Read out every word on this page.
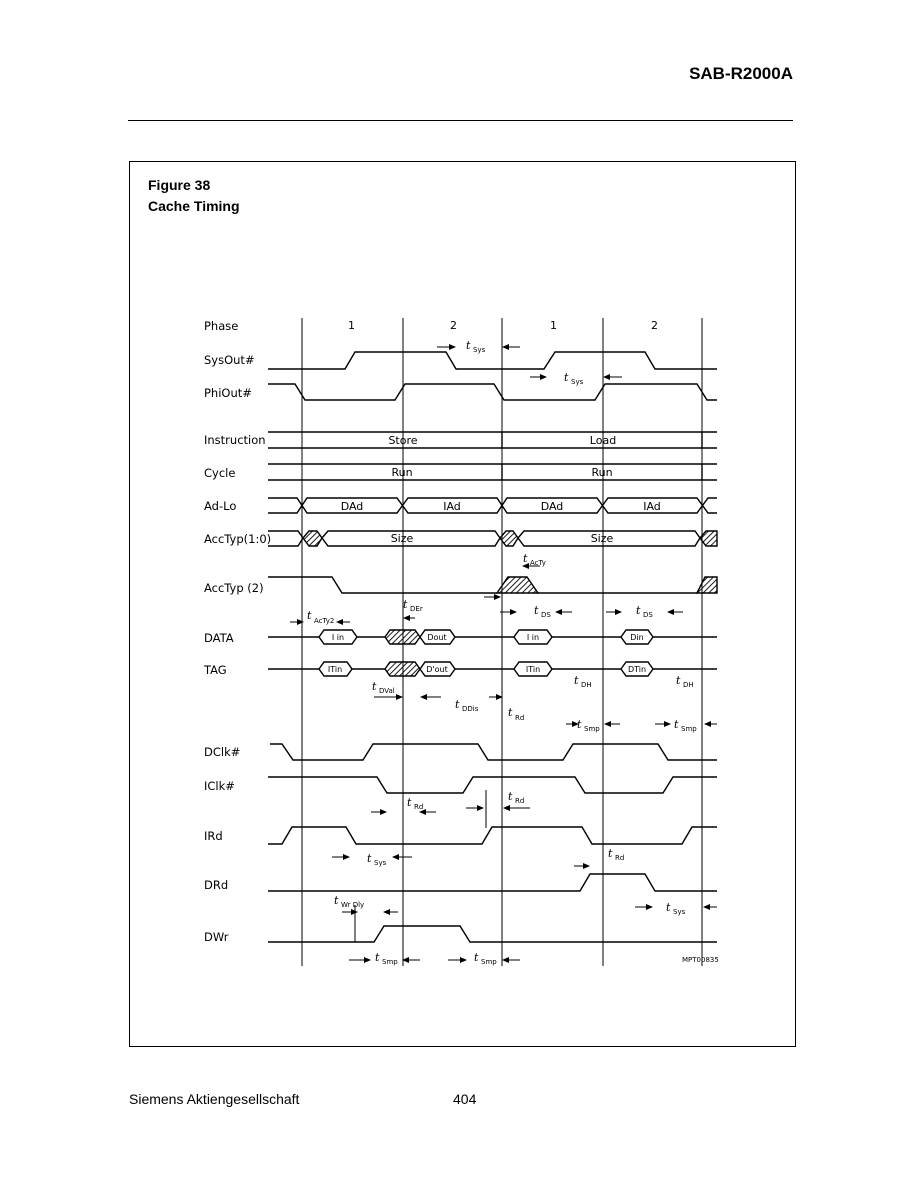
SAB-R2000A
Figure 38
Cache Timing
Phase
SysOut#
PhiOut#
Instruction
Cycle
Ad-Lo
AccTyp(1:0)
AccTyp (2)
DATA
TAG
DClk#
IClk#
IRd
DRd
DWr
1	2	1	2
Store	Load
Run	Run
DAd	IAd	DAd	IAd
Size	Size
I in	Dout	I in	Din
ITin	D'out	ITin	DTin
t Sys
t Sys
t AcTy
t AcTy2
t DEr	t DS	t DS
t DVal
t DDis
t DH	t DH
t Rd	t Smp	t Smp
t Rd
t Rd
t Sys
t Rd
t Sys
t Wr Dly
t Smp	t Smp	MPT00835
Siemens Aktiengesellschaft	404
